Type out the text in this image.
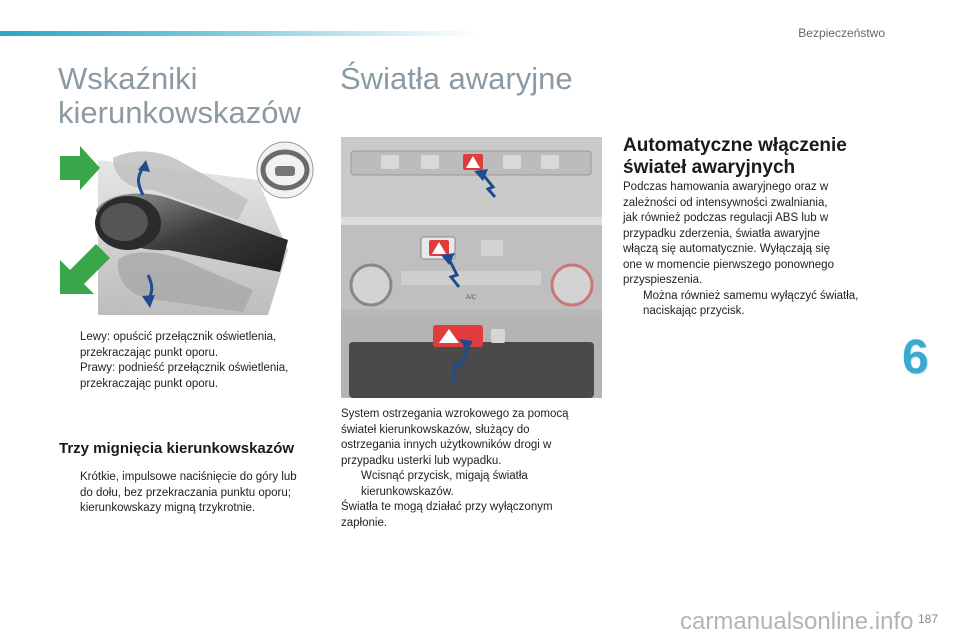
Bezpieczeństwo
Wskaźniki
kierunkowskazów
Lewy: opuścić przełącznik oświetlenia,
przekraczając punkt oporu.
Prawy: podnieść przełącznik oświetlenia,
przekraczając punkt oporu.
Trzy mignięcia kierunkowskazów
Krótkie, impulsowe naciśnięcie do góry lub
do dołu, bez przekraczania punktu oporu;
kierunkowskazy migną trzykrotnie.
Światła awaryjne
A/C
System ostrzegania wzrokowego za pomocą
świateł kierunkowskazów, służący do
ostrzegania innych użytkowników drogi w
przypadku usterki lub wypadku.
Wcisnąć przycisk, migają światła
kierunkowskazów.
Światła te mogą działać przy wyłączonym
zapłonie.
Automatyczne włączenie
świateł awaryjnych
Podczas hamowania awaryjnego oraz w
zależności od intensywności zwalniania,
jak również podczas regulacji ABS lub w
przypadku zderzenia, światła awaryjne
włączą się automatycznie. Wyłączają się
one w momencie pierwszego ponownego
przyspieszenia.
Można również samemu wyłączyć światła,
naciskając przycisk.
6
carmanualsonline.info 187
